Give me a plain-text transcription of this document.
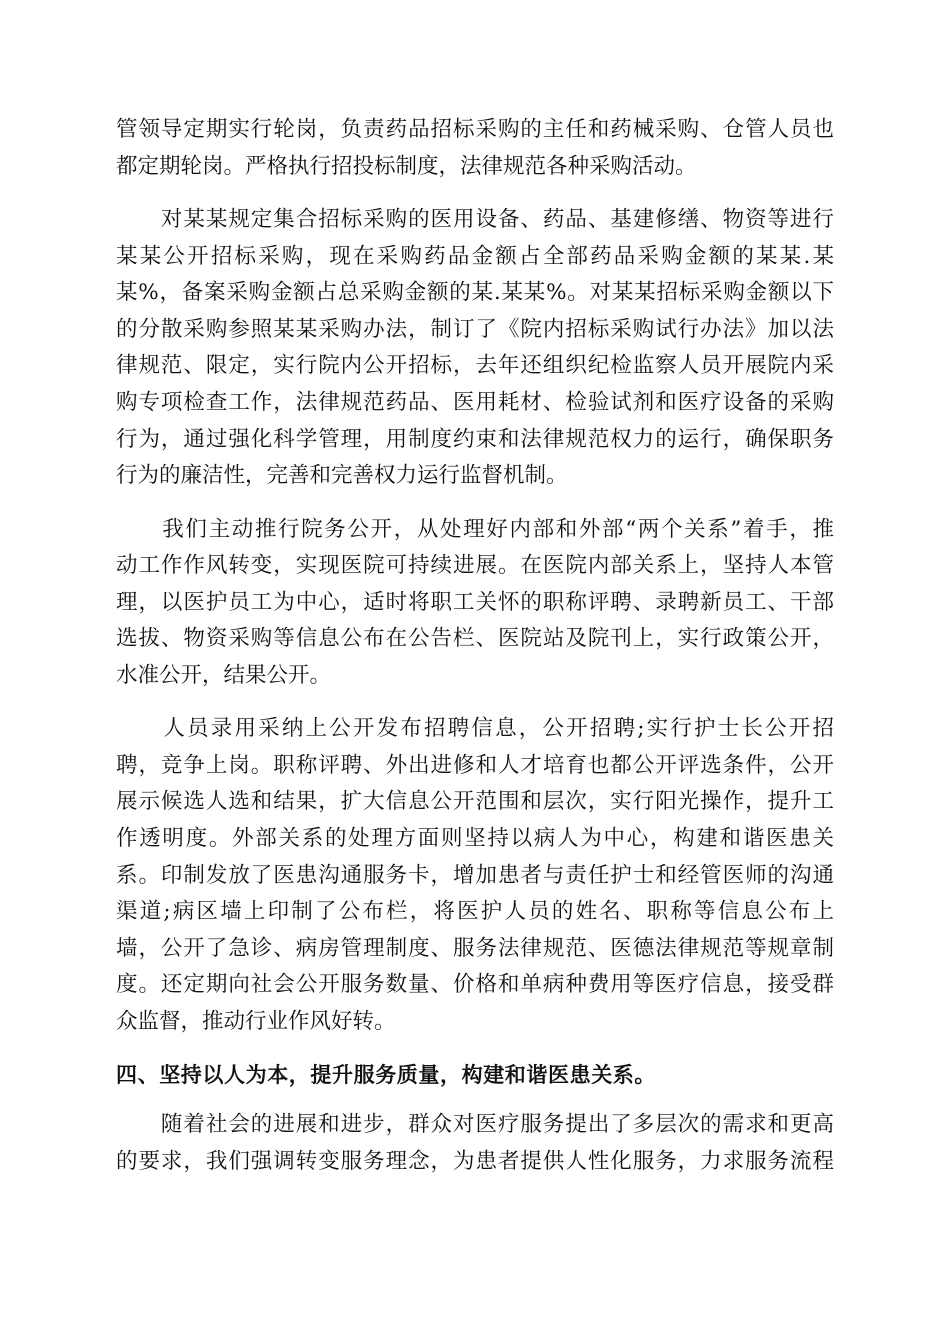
管领导定期实行轮岗，负责药品招标采购的主任和药械采购、仓管人员也
都定期轮岗。严格执行招投标制度，法律规范各种采购活动。
　　对某某规定集合招标采购的医用设备、药品、基建修缮、物资等进行
某某公开招标采购，现在采购药品金额占全部药品采购金额的某某.某
某%，备案采购金额占总采购金额的某.某某%。对某某招标采购金额以下
的分散采购参照某某采购办法，制订了《院内招标采购试行办法》加以法
律规范、限定，实行院内公开招标，去年还组织纪检监察人员开展院内采
购专项检查工作，法律规范药品、医用耗材、检验试剂和医疗设备的采购
行为，通过强化科学管理，用制度约束和法律规范权力的运行，确保职务
行为的廉洁性，完善和完善权力运行监督机制。
　　我们主动推行院务公开，从处理好内部和外部“两个关系”着手，推
动工作作风转变，实现医院可持续进展。在医院内部关系上，坚持人本管
理，以医护员工为中心，适时将职工关怀的职称评聘、录聘新员工、干部
选拔、物资采购等信息公布在公告栏、医院站及院刊上，实行政策公开，
水准公开，结果公开。
　　人员录用采纳上公开发布招聘信息，公开招聘;实行护士长公开招
聘，竞争上岗。职称评聘、外出进修和人才培育也都公开评选条件，公开
展示候选人选和结果，扩大信息公开范围和层次，实行阳光操作，提升工
作透明度。外部关系的处理方面则坚持以病人为中心，构建和谐医患关
系。印制发放了医患沟通服务卡，增加患者与责任护士和经管医师的沟通
渠道;病区墙上印制了公布栏，将医护人员的姓名、职称等信息公布上
墙，公开了急诊、病房管理制度、服务法律规范、医德法律规范等规章制
度。还定期向社会公开服务数量、价格和单病种费用等医疗信息，接受群
众监督，推动行业作风好转。
四、坚持以人为本，提升服务质量，构建和谐医患关系。
　　随着社会的进展和进步，群众对医疗服务提出了多层次的需求和更高
的要求，我们强调转变服务理念，为患者提供人性化服务，力求服务流程
